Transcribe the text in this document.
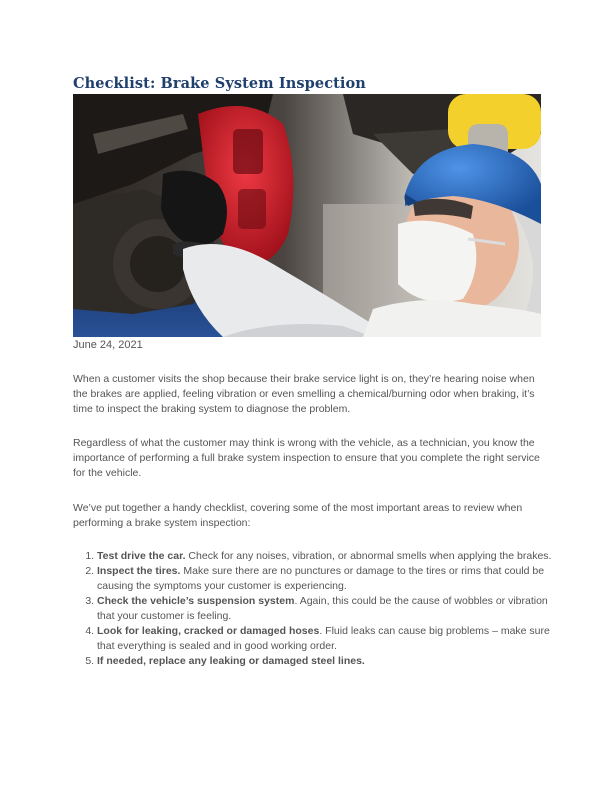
Checklist: Brake System Inspection
June 24, 2021

When a customer visits the shop because their brake service light is on, they’re hearing noise when the brakes are applied, feeling vibration or even smelling a chemical/burning odor when braking, it’s time to inspect the braking system to diagnose the problem.

Regardless of what the customer may think is wrong with the vehicle, as a technician, you know the importance of performing a full brake system inspection to ensure that you complete the right service for the vehicle.

We’ve put together a handy checklist, covering some of the most important areas to review when performing a brake system inspection:

1. Test drive the car. Check for any noises, vibration, or abnormal smells when applying the brakes.
2. Inspect the tires. Make sure there are no punctures or damage to the tires or rims that could be causing the symptoms your customer is experiencing.
3. Check the vehicle’s suspension system. Again, this could be the cause of wobbles or vibration that your customer is feeling.
4. Look for leaking, cracked or damaged hoses. Fluid leaks can cause big problems – make sure that everything is sealed and in good working order.
5. If needed, replace any leaking or damaged steel lines.
